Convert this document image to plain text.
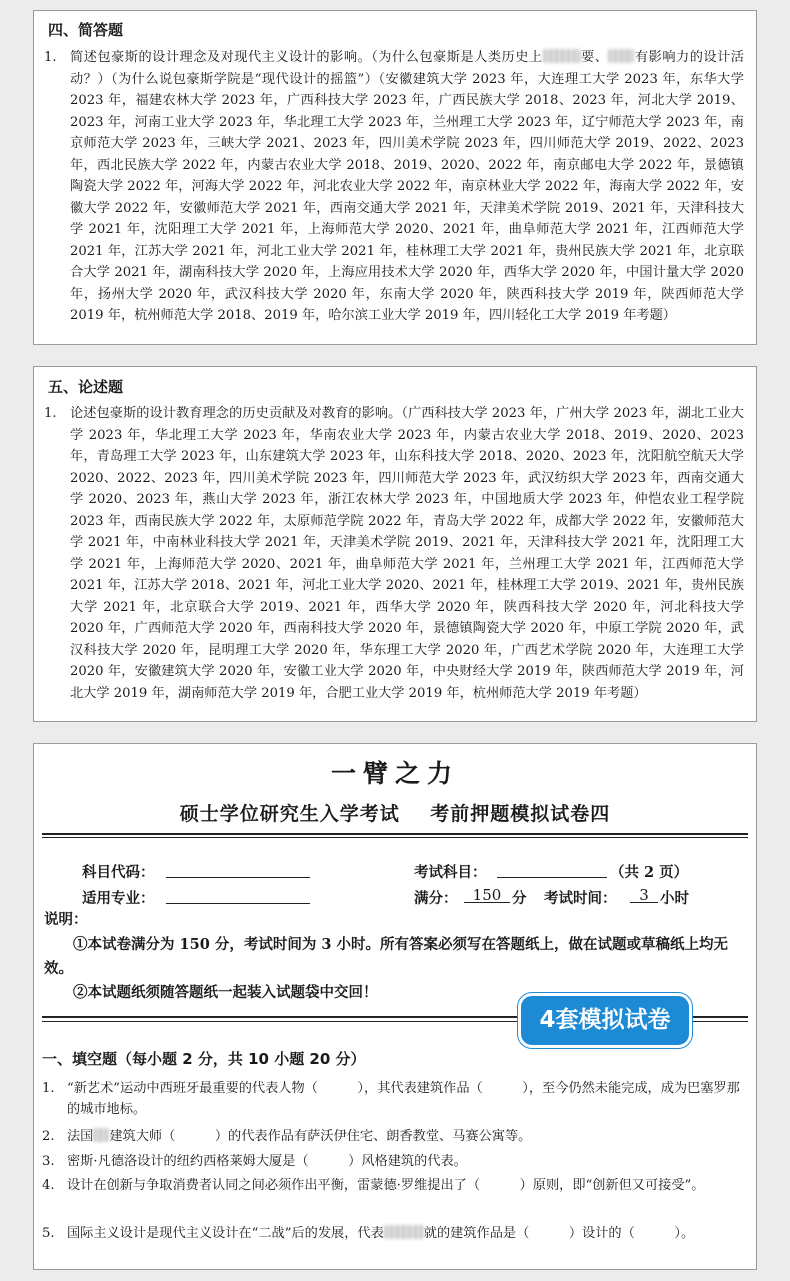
四、简答题
1.	简述包豪斯的设计理念及对现代主义设计的影响。（为什么包豪斯是人类历史上	要、 有影响力的设计活动？）（为什么说包豪斯学院是“现代设计的摇篮”）（安徽建筑大学 2023 年，大连理工大学 2023 年，东华大学 2023 年，福建农林大学 2023 年，广西科技大学 2023 年，广西民族大学 2018、2023 年，河北大学 2019、2023 年，河南工业大学 2023 年，华北理工大学 2023 年，兰州理工大学 2023 年，辽宁师范大学 2023 年，南京师范大学 2023 年，三峡大学 2021、2023 年，四川美术学院 2023 年，四川师范大学 2019、2022、2023 年，西北民族大学 2022 年，内蒙古农业大学 2018、2019、2020、2022 年，南京邮电大学 2022 年，景德镇陶瓷大学 2022 年，河海大学 2022 年，河北农业大学 2022 年，南京林业大学 2022 年，海南大学 2022 年，安徽大学 2022 年，安徽师范大学 2021 年，西南交通大学 2021 年，天津美术学院 2019、2021 年，天津科技大学 2021 年，沈阳理工大学 2021 年，上海师范大学 2020、2021 年，曲阜师范大学 2021 年，江西师范大学 2021 年，江苏大学 2021 年，河北工业大学 2021 年，桂林理工大学 2021 年，贵州民族大学 2021 年，北京联合大学 2021 年，湖南科技大学 2020 年，上海应用技术大学 2020 年，西华大学 2020 年，中国计量大学 2020 年，扬州大学 2020 年，武汉科技大学 2020 年，东南大学 2020 年，陕西科技大学 2019 年，陕西师范大学 2019 年，杭州师范大学 2018、2019 年，哈尔滨工业大学 2019 年，四川轻化工大学 2019 年考题）
五、论述题
1.	论述包豪斯的设计教育理念的历史贡献及对教育的影响。（广西科技大学 2023 年，广州大学 2023 年，湖北工业大学 2023 年，华北理工大学 2023 年，华南农业大学 2023 年，内蒙古农业大学 2018、2019、2020、2023 年，青岛理工大学 2023 年，山东建筑大学 2023 年，山东科技大学 2018、2020、2023 年，沈阳航空航天大学 2020、2022、2023 年，四川美术学院 2023 年，四川师范大学 2023 年，武汉纺织大学 2023 年，西南交通大学 2020、2023 年，燕山大学 2023 年，浙江农林大学 2023 年，中国地质大学 2023 年，仲恺农业工程学院 2023 年，西南民族大学 2022 年，太原师范学院 2022 年，青岛大学 2022 年，成都大学 2022 年，安徽师范大学 2021 年，中南林业科技大学 2021 年，天津美术学院 2019、2021 年，天津科技大学 2021 年，沈阳理工大学 2021 年，上海师范大学 2020、2021 年，曲阜师范大学 2021 年，兰州理工大学 2021 年，江西师范大学 2021 年，江苏大学 2018、2021 年，河北工业大学 2020、2021 年，桂林理工大学 2019、2021 年，贵州民族大学 2021 年，北京联合大学 2019、2021 年，西华大学 2020 年，陕西科技大学 2020 年，河北科技大学 2020 年，广西师范大学 2020 年，西南科技大学 2020 年，景德镇陶瓷大学 2020 年，中原工学院 2020 年，武汉科技大学 2020 年，昆明理工大学 2020 年，华东理工大学 2020 年，广西艺术学院 2020 年，大连理工大学 2020 年，安徽建筑大学 2020 年，安徽工业大学 2020 年，中央财经大学 2019 年，陕西师范大学 2019 年，河北大学 2019 年，湖南师范大学 2019 年，合肥工业大学 2019 年，杭州师范大学 2019 年考题）
一臂之力
硕士学位研究生入学考试    考前押题模拟试卷四
科目代码：	考试科目：	（共 2 页）
适用专业：	满分：	150 分 考试时间：	3 小时
说明：
①本试卷满分为 150 分，考试时间为 3 小时。所有答案必须写在答题纸上，做在试题或草稿纸上均无效。
②本试题纸须随答题纸一起装入试题袋中交回！
4套模拟试卷
一、填空题（每小题 2 分，共 10 小题 20 分）
1. “新艺术”运动中西班牙最重要的代表人物（　　　），其代表建筑作品（　　　），至今仍然未能完成，成为巴塞罗那的城市地标。
2. 法国 建筑大师（　　　）的代表作品有萨沃伊住宅、朗香教堂、马赛公寓等。
3. 密斯·凡德洛设计的纽约西格莱姆大厦是（　　　）风格建筑的代表。
4. 设计在创新与争取消费者认同之间必须作出平衡，雷蒙德·罗维提出了（　　　）原则，即“创新但又可接受”。
5. 国际主义设计是现代主义设计在“二战”后的发展，代表	就的建筑作品是（　　　）设计的（　　　）。
